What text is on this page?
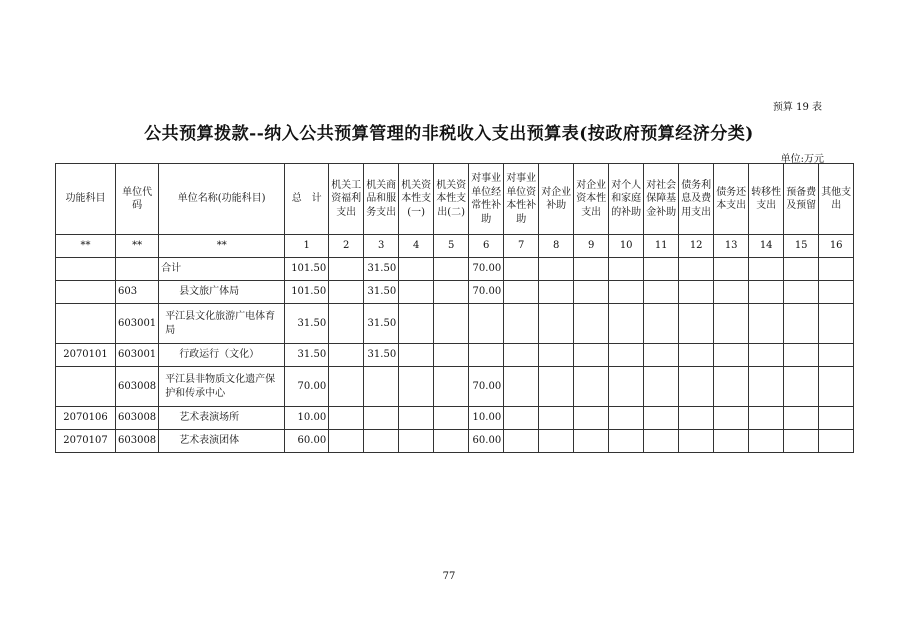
预算 19 表
公共预算拨款--纳入公共预算管理的非税收入支出预算表(按政府预算经济分类)
单位:万元
功能科目	单位代码	单位名称(功能科目)	总　计	机关工资福利支出	机关商品和服务支出	机关资本性支(一)	机关资本性支出(二)	对事业单位经常性补助	对事业单位资本性补助	对企业补助	对企业资本性支出	对个人和家庭的补助	对社会保障基金补助	债务利息及费用支出	债务还本支出	转移性支出	预备费及预留	其他支出
**	**	**	1	2	3	4	5	6	7	8	9	10	11	12	13	14	15	16
		合计	101.50		31.50			70.00										
	603	县文旅广体局	101.50		31.50			70.00										
	603001	平江县文化旅游广电体育局	31.50		31.50													
2070101	603001	行政运行（文化）	31.50		31.50													
	603008	平江县非物质文化遗产保护和传承中心	70.00					70.00										
2070106	603008	艺术表演场所	10.00					10.00										
2070107	603008	艺术表演团体	60.00					60.00										
77
